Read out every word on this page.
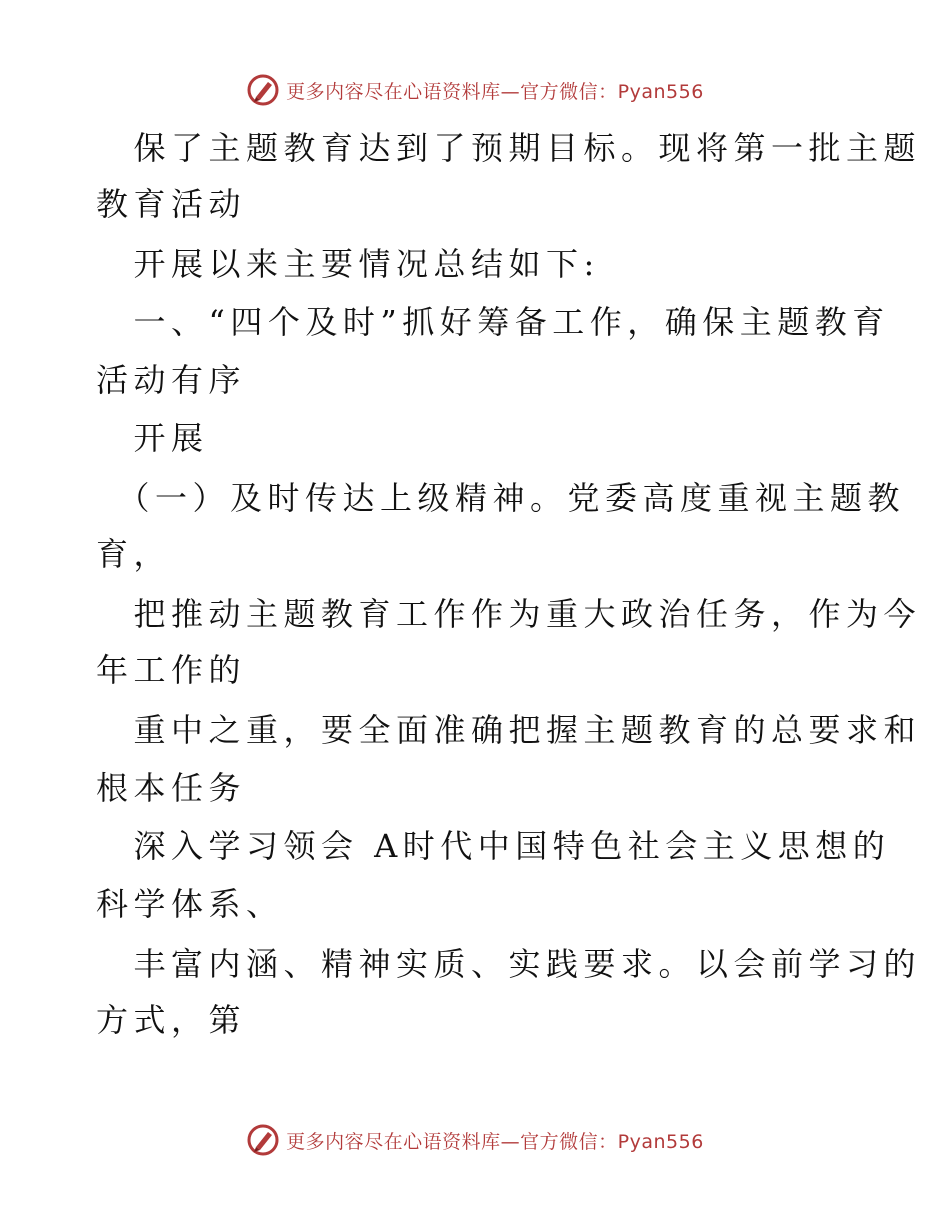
更多内容尽在心语资料库—官方微信：Pyan556
　保了主题教育达到了预期目标。现将第一批主题
教育活动
　开展以来主要情况总结如下:
　一、“四个及时”抓好筹备工作，确保主题教育
活动有序
　开展
　（一）及时传达上级精神。党委高度重视主题教
育，
　把推动主题教育工作作为重大政治任务，作为今
年工作的
　重中之重，要全面准确把握主题教育的总要求和
根本任务
　深入学习领会 A时代中国特色社会主义思想的
科学体系、
　丰富内涵、精神实质、实践要求。以会前学习的
方式，第
更多内容尽在心语资料库—官方微信：Pyan556
